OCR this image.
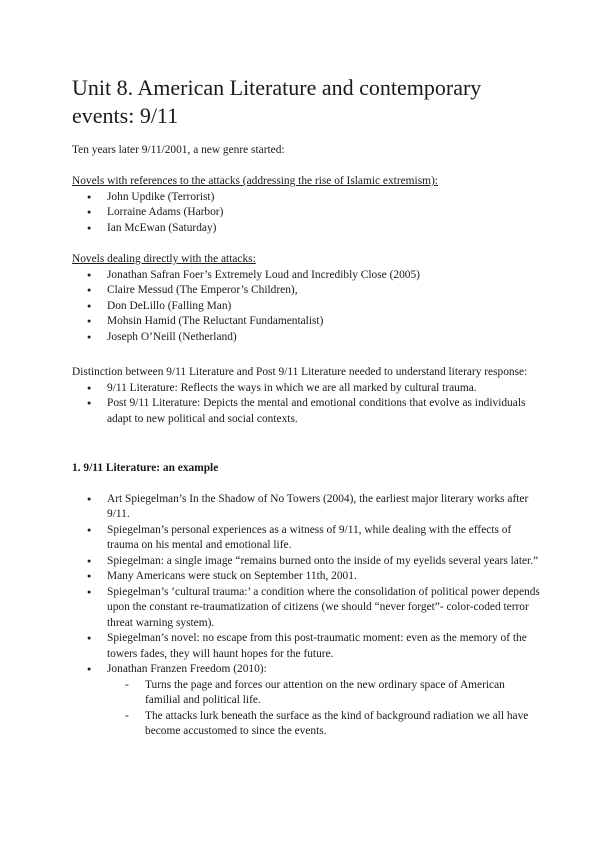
Unit 8. American Literature and contemporary events: 9/11
Ten years later 9/11/2001, a new genre started:
Novels with references to the attacks (addressing the rise of Islamic extremism):
● John Updike (Terrorist)
● Lorraine Adams (Harbor)
● Ian McEwan (Saturday)
Novels dealing directly with the attacks:
● Jonathan Safran Foer’s Extremely Loud and Incredibly Close (2005)
● Claire Messud (The Emperor’s Children),
● Don DeLillo (Falling Man)
● Mohsin Hamid (The Reluctant Fundamentalist)
● Joseph O’Neill (Netherland)
Distinction between 9/11 Literature and Post 9/11 Literature needed to understand literary response:
● 9/11 Literature: Reflects the ways in which we are all marked by cultural trauma.
● Post 9/11 Literature: Depicts the mental and emotional conditions that evolve as individuals adapt to new political and social contexts.
1. 9/11 Literature: an example
● Art Spiegelman’s In the Shadow of No Towers (2004), the earliest major literary works after 9/11.
● Spiegelman’s personal experiences as a witness of 9/11, while dealing with the effects of trauma on his mental and emotional life.
● Spiegelman: a single image “remains burned onto the inside of my eyelids several years later.”
● Many Americans were stuck on September 11th, 2001.
● Spiegelman’s ‘cultural trauma:’ a condition where the consolidation of political power depends upon the constant re-traumatization of citizens (we should “never forget”- color-coded terror threat warning system).
● Spiegelman’s novel: no escape from this post-traumatic moment: even as the memory of the towers fades, they will haunt hopes for the future.
● Jonathan Franzen Freedom (2010):
- Turns the page and forces our attention on the new ordinary space of American familial and political life.
- The attacks lurk beneath the surface as the kind of background radiation we all have become accustomed to since the events.
